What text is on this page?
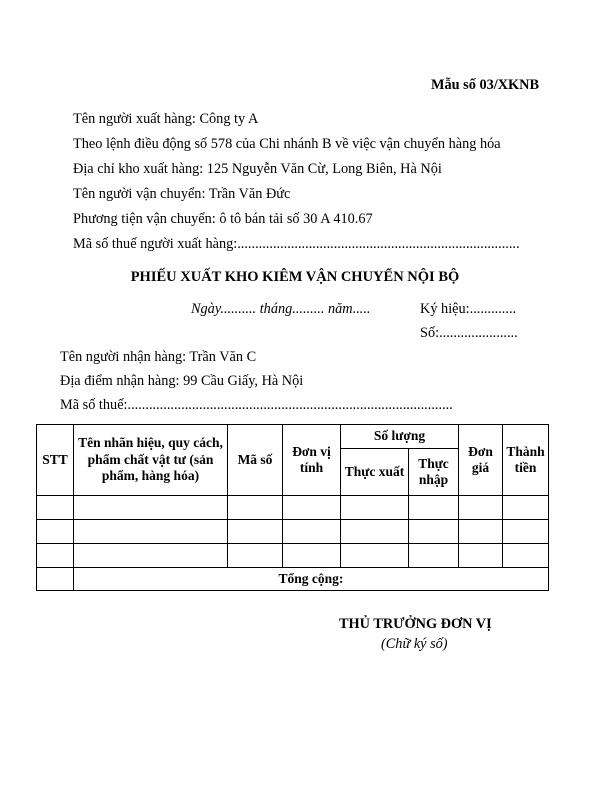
Mẫu số 03/XKNB
Tên người xuất hàng: Công ty A
Theo lệnh điều động số 578 của Chi nhánh B về việc vận chuyển hàng hóa
Địa chỉ kho xuất hàng: 125 Nguyễn Văn Cừ, Long Biên, Hà Nội
Tên người vận chuyển: Trần Văn Đức
Phương tiện vận chuyển: ô tô bán tải số 30 A 410.67
Mã số thuế người xuất hàng:...............................................................................
PHIẾU XUẤT KHO KIÊM VẬN CHUYỂN NỘI BỘ
Ngày.......... tháng......... năm.....	Ký hiệu:.............
Số:......................
Tên người nhận hàng: Trần Văn C
Địa điểm nhận hàng: 99 Cầu Giấy, Hà Nội
Mã số thuế:...........................................................................................
STT	Tên nhãn hiệu, quy cách, phẩm chất vật tư (sản phẩm, hàng hóa)	Mã số	Đơn vị tính	Số lượng		Đơn giá	Thành tiền
				Thực xuất	Thực nhập		

	Tổng cộng:						
THỦ TRƯỞNG ĐƠN VỊ
(Chữ ký số)
